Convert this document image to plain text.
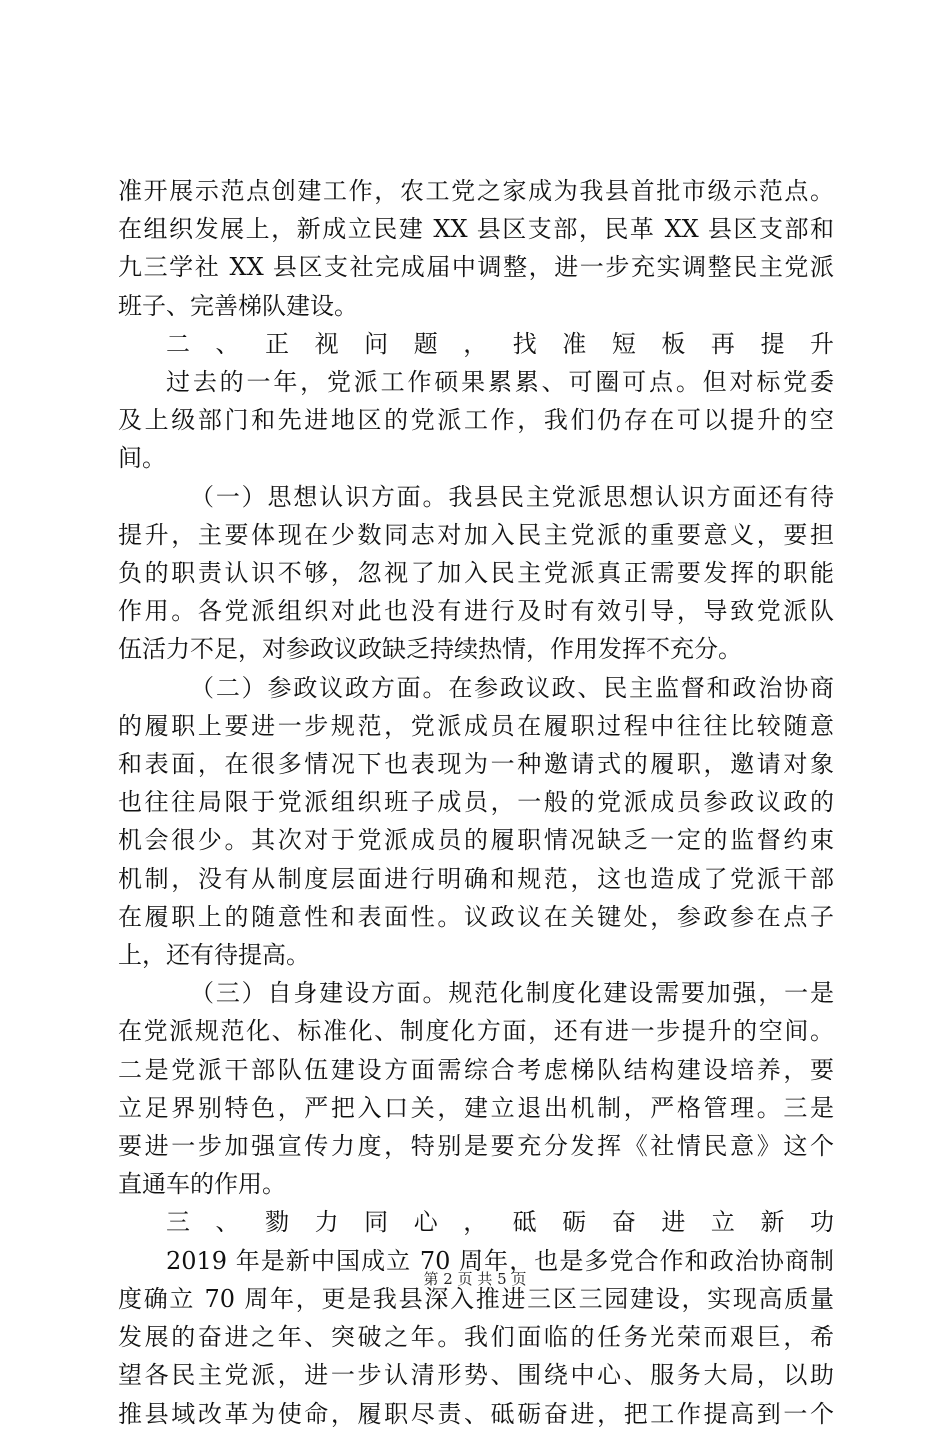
准开展示范点创建工作，农工党之家成为我县首批市级示范点。

在组织发展上，新成立民建 XX 县区支部，民革 XX 县区支部和

九三学社 XX 县区支社完成届中调整，进一步充实调整民主党派

班子、完善梯队建设。

二、正视问题，找准短板再提升

过去的一年，党派工作硕果累累、可圈可点。但对标党委

及上级部门和先进地区的党派工作，我们仍存在可以提升的空

间。

（一）思想认识方面。我县民主党派思想认识方面还有待

提升，主要体现在少数同志对加入民主党派的重要意义，要担

负的职责认识不够，忽视了加入民主党派真正需要发挥的职能

作用。各党派组织对此也没有进行及时有效引导，导致党派队

伍活力不足，对参政议政缺乏持续热情，作用发挥不充分。

（二）参政议政方面。在参政议政、民主监督和政治协商

的履职上要进一步规范，党派成员在履职过程中往往比较随意

和表面，在很多情况下也表现为一种邀请式的履职，邀请对象

也往往局限于党派组织班子成员，一般的党派成员参政议政的

机会很少。其次对于党派成员的履职情况缺乏一定的监督约束

机制，没有从制度层面进行明确和规范，这也造成了党派干部

在履职上的随意性和表面性。议政议在关键处，参政参在点子

上，还有待提高。

（三）自身建设方面。规范化制度化建设需要加强，一是

在党派规范化、标准化、制度化方面，还有进一步提升的空间。

二是党派干部队伍建设方面需综合考虑梯队结构建设培养，要

立足界别特色，严把入口关，建立退出机制，严格管理。三是

要进一步加强宣传力度，特别是要充分发挥《社情民意》这个

直通车的作用。

三、勠力同心，砥砺奋进立新功

2019 年是新中国成立 70 周年，也是多党合作和政治协商制

度确立 70 周年，更是我县深入推进三区三园建设，实现高质量

发展的奋进之年、突破之年。我们面临的任务光荣而艰巨，希

望各民主党派，进一步认清形势、围绕中心、服务大局，以助

推县域改革为使命，履职尽责、砥砺奋进，把工作提高到一个

第 2 页 共 5 页
